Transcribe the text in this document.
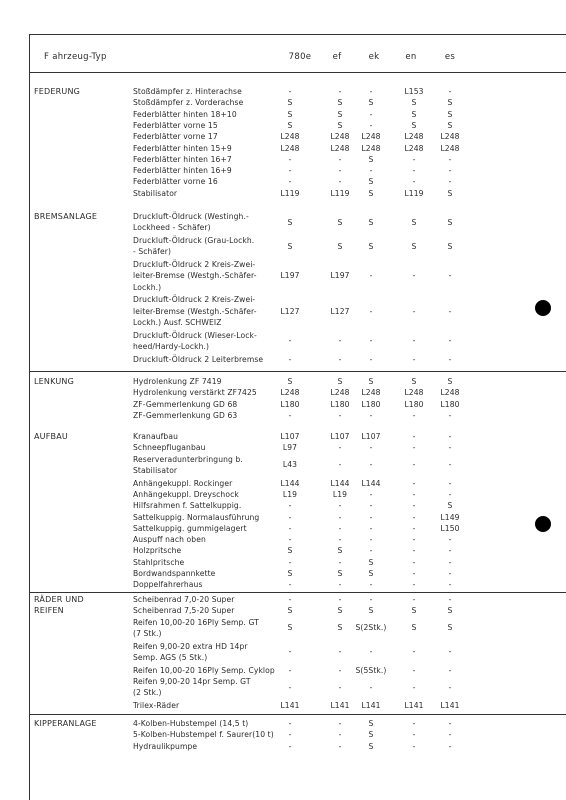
F ahrzeug-Typ	780e	ef	ek	en	es
FEDERUNG	Stoßdämpfer z. Hinterachse	-	-	-	L153	-
Stoßdämpfer z. Vorderachse	S	S	S	S	S
Federblätter hinten 18+10	S	S	-	S	S
Federblätter vorne 15	S	S	-	S	S
Federblätter vorne 17	L248	L248	L248	L248	L248
Federblätter hinten 15+9	L248	L248	L248	L248	L248
Federblätter hinten 16+7	-	-	S	-	-
Federblätter hinten 16+9	-	-	-	-	-
Federblätter vorne 16	-	-	S	-	-
Stabilisator	L119	L119	S	L119	S
BREMSANLAGE	Druckluft-Öldruck (Westingh.-
Lockheed - Schäfer)
S	S	S	S	S
Druckluft-Öldruck (Grau-Lockh.
- Schäfer)
S	S	S	S	S
Druckluft-Öldruck 2 Kreis-Zwei-
leiter-Bremse (Westgh.-Schäfer-
Lockh.)
L197	L197	-	-	-
Druckluft-Öldruck 2 Kreis-Zwei-
leiter-Bremse (Westgh.-Schäfer-
Lockh.) Ausf. SCHWEIZ
L127	L127	-	-	-
Druckluft-Öldruck (Wieser-Lock-
heed/Hardy-Lockh.)
-	-	-	-	-
Druckluft-Öldruck 2 Leiterbremse	-	-	-	-	-
LENKUNG	Hydrolenkung ZF 7419	S	S	S	S	S
Hydrolenkung verstärkt ZF7425	L248	L248	L248	L248	L248
ZF-Gemmerlenkung GD 68	L180	L180	L180	L180	L180
ZF-Gemmerlenkung GD 63	-	-	-	-	-
AUFBAU	Kranaufbau	L107	L107	L107	-	-
Schneepfluganbau	L97	-	-	-	-
Reserveradunterbringung b.
Stabilisator
L43	-	-	-	-
Anhängekuppl. Rockinger	L144	L144	L144	-	-
Anhängekuppl. Dreyschock	L19	L19	-	-	-
Hilfsrahmen f. Sattelkuppig.	-	-	-	-	S
Sattelkuppig. Normalausführung	-	-	-	-	L149
Sattelkuppig. gummigelagert	-	-	-	-	L150
Auspuff nach oben	-	-	-	-	-
Holzpritsche	S	S	-	-	-
Stahlpritsche	-	-	S	-	-
Bordwandspannkette	S	S	S	-	-
Doppelfahrerhaus	-	-	-	-	-
RÄDER UND
REIFEN
Scheibenrad 7,0-20 Super	-	-	-	-	-
Scheibenrad 7,5-20 Super	S	S	S	S	S
Reifen 10,00-20 16Ply Semp. GT
(7 Stk.)
S	S	S(2Stk.)	S	S
Reifen 9,00-20 extra HD 14pr
Semp. AGS (5 Stk.)
-	-	-	-	-
Reifen 10,00-20 16Ply Semp. Cyklop	-	-	S(5Stk.)	-	-
Reifen 9,00-20 14pr Semp. GT
(2 Stk.)
-	-	-	-	-
Trilex-Räder	L141	L141	L141	L141	L141
KIPPERANLAGE	4-Kolben-Hubstempel (14,5 t)	-	-	S	-	-
5-Kolben-Hubstempel f. Saurer(10 t)	-	-	S	-	-
Hydraulikpumpe	-	-	S	-	-
